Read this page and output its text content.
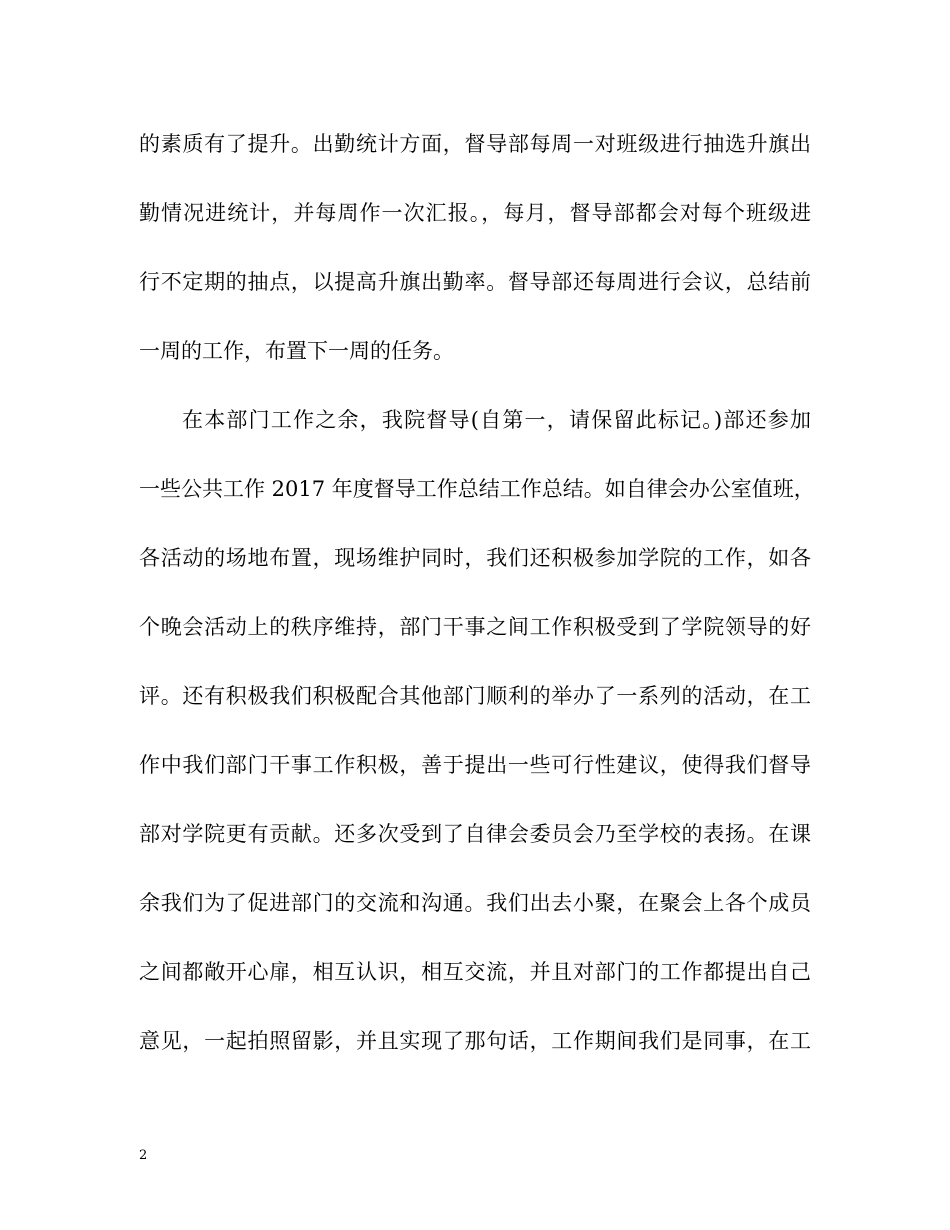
的素质有了提升。出勤统计方面，督导部每周一对班级进行抽选升旗出
勤情况进统计，并每周作一次汇报。，每月，督导部都会对每个班级进
行不定期的抽点，以提高升旗出勤率。督导部还每周进行会议，总结前
一周的工作，布置下一周的任务。
在本部门工作之余，我院督导(自第一，请保留此标记。)部还参加
一些公共工作 2017 年度督导工作总结工作总结。如自律会办公室值班，
各活动的场地布置，现场维护同时，我们还积极参加学院的工作，如各
个晚会活动上的秩序维持，部门干事之间工作积极受到了学院领导的好
评。还有积极我们积极配合其他部门顺利的举办了一系列的活动，在工
作中我们部门干事工作积极，善于提出一些可行性建议，使得我们督导
部对学院更有贡献。还多次受到了自律会委员会乃至学校的表扬。在课
余我们为了促进部门的交流和沟通。我们出去小聚，在聚会上各个成员
之间都敞开心扉，相互认识，相互交流，并且对部门的工作都提出自己
意见，一起拍照留影，并且实现了那句话，工作期间我们是同事，在工
2
